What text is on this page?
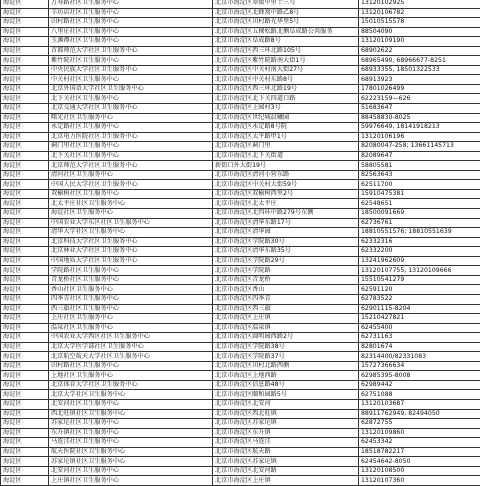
海淀区	万寿路社区卫生服务中心	北京市海淀区翠微中里十三号	13120102925
海淀区	羊坊店社区卫生服务中心	北京市海淀区北蜂窝中路乙8号	13120106782
海淀区	田村路社区卫生服务中心	北京市海淀区田村路光华里5号	15010515578
海淀区	八里庄社区卫生服务中心	北京市海淀区五棵松路北侧阜成路公共服务	88504090
海淀区	玉渊潭社区卫生服务中心	北京市海淀区阜成路8号	13120109190
海淀区	首都师范大学社区卫生服务中心	北京市海淀区西三环北路105号	68902622
海淀区	紫竹院社区卫生服务中心	北京市海淀区紫竹院路南大街1号	68965490, 68966677-8251
海淀区	中央民族大学社区卫生服务中心	北京市海淀区中关村南大街27号	68933355, 18501322533
海淀区	中关村社区卫生服务中心	北京市海淀区中关村东路8号	68913923
海淀区	北京外国语大学社区卫生服务中心	北京市海淀区西三环北路19号	17801026499
海淀区	北下关社区卫生服务中心	北京市海淀区北下关四道口路	62223159—626
海淀区	北京交通大学社区卫生服务中心	北京市海淀区上园村3号	51683647
海淀区	曙光社区卫生服务中心	北京市海淀区世纪城晨曦园	88458830-8025
海淀区	永定路社区卫生服务中心	北京市海淀区永定路8号院	59976649, 18141918213
海淀区	北京电力医院社区卫生服务中心	北京市海淀区太平路甲1号	13120106196
海淀区	蓟门里社区卫生服务中心	北京市海淀区蓟门里	82080047-258; 13661145713
海淀区	北下关社区卫生服务中心	北京市海淀区北下关街道	82089647
海淀区	北京师范大学社区卫生服务中心	新街口外大街19号	58805581
海淀区	清河社区卫生服务中心	北京市海淀区清河小营东路	82563643
海淀区	中国人民大学社区卫生服务中心	北京市海淀区中关村大街59号	62511700
海淀区	双榆树社区卫生服务中心	北京市海淀区双榆树西里2号	15910475381
海淀区	北太平庄社区卫生服务中心	北京市海淀区北太平庄	62548651
海淀区	海淀社区卫生服务中心	北京市海淀区北四环中路279号东侧	18500091669
海淀区	中国农业大学东区社区卫生服务中心	北京市海淀区清华东路17号	62736761
海淀区	清华大学社区卫生服务中心	北京市海淀区清华园	18810551576; 18810551639
海淀区	北京科技大学社区卫生服务中心	北京市海淀区学院路30号	62332316
海淀区	北京林业大学社区卫生服务中心	北京市海淀区清华东路35号	62332200
海淀区	中国地质大学社区卫生服务中心	北京市海淀区学院路29号	13241962609
海淀区	学院路社区卫生服务中心	北京市海淀区学院路	13120107755, 13120109666
海淀区	青龙桥社区卫生服务中心	北京市海淀区青龙桥	15510541279
海淀区	香山社区卫生服务中心	北京市海淀区香山	62591120
海淀区	四季青社区卫生服务中心	北京市海淀区四季青	62783522
海淀区	西三旗社区卫生服务中心	北京市海淀区西三旗	62901115-8204
海淀区	上庄社区卫生服务中心	北京市海淀区上庄镇	15210427821
海淀区	温泉社区卫生服务中心	北京市海淀区温泉镇	62455400
海淀区	中国农业大学西区社区卫生服务中心	北京市海淀区圆明园西路2号	62731163
海淀区	北京大学医学部社区卫生服务中心	北京市海淀区学院路38号	82801674
海淀区	北京航空航天大学社区卫生服务中心	北京市海淀区学院路37号	82314400/82331083
海淀区	田村路社区卫生服务中心	北京市海淀区田村北路西侧	15727366634
海淀区	上地社区卫生服务中心	北京市海淀区上地西路	62985395-8008
海淀区	北京体育大学社区卫生服务中心	北京市海淀区信息路48号	62989442
海淀区	北京大学社区卫生服务中心	北京市海淀区颐和园路5号	62751088
海淀区	北安河社区卫生服务中心	北京市海淀区北安河	13120103687
海淀区	西北旺镇社区卫生服务中心	北京市海淀区西北旺镇	88911762949, 82494050
海淀区	苏家坨社区卫生服务中心	北京市海淀区苏家坨镇	62872755
海淀区	东升镇社区卫生服务中心	北京市海淀区东升镇	13120109860
海淀区	马连洼社区卫生服务中心	北京市海淀区马连洼	62453342
海淀区	航天医院社区卫生服务中心	北京市海淀区航天路	18518782217
海淀区	苏家坨镇社区卫生服务中心	北京市海淀区苏家坨镇	62454642-8050
海淀区	北安河社区卫生服务中心	北京市海淀区北安河路	13120108500
海淀区	上庄镇社区卫生服务中心	北京市海淀区上庄镇	13120107360
